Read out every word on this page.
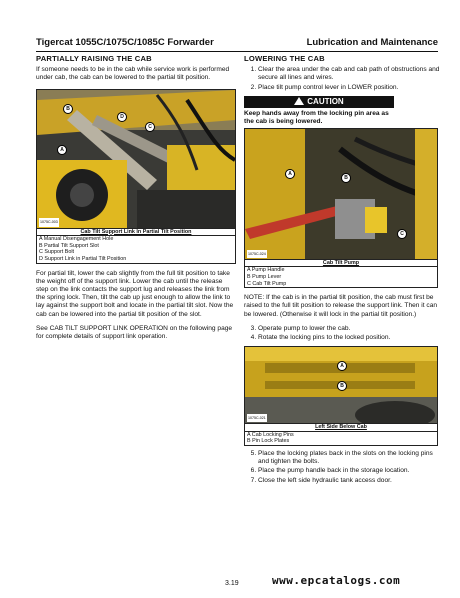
Tigercat 1055C/1075C/1085C Forwarder	Lubrication and Maintenance
PARTIALLY RAISING THE CAB

If someone needs to be in the cab while service work is performed under cab, the cab can be lowered to the partial tilt position.

A
B
C
D
1075C-003
Cab Tilt Support Link In Partial Tilt Position
A Manual Disengagement Hole
B Partial Tilt Support Slot
C Support Bolt
D Support Link in Partial Tilt Position

For partial tilt, lower the cab slightly from the full tilt position to take the weight off of the support link. Lower the cab until the release step on the link contacts the support lug and releases the link from the spring lock. Then, tilt the cab up just enough to allow the link to lay against the support bolt and locate in the partial tilt slot. Now the cab can be lowered into the partial tilt position of the slot.

See CAB TILT SUPPORT LINK OPERATION on the following page for complete details of support link operation.

LOWERING THE CAB
1. Clear the area under the cab and cab path of obstructions and secure all lines and wires.
2. Place tilt pump control lever in LOWER position.
CAUTION
Keep hands away from the locking pin area as the cab is being lowered.
A
B
C
1075C-024
Cab Tilt Pump
A Pump Handle
B Pump Lever
C Cab Tilt Pump

NOTE: If the cab is in the partial tilt position, the cab must first be raised to the full tilt position to release the support link. Then it can be lowered. (Otherwise it will lock in the partial tilt position.)

3. Operate pump to lower the cab.
4. Rotate the locking pins to the locked position.
A
B
1075C-021
Left Side Below Cab
A Cab Locking Pins
B Pin Lock Plates
5. Place the locking plates back in the slots on the locking pins and tighten the bolts.
6. Place the pump handle back in the storage location.
7. Close the left side hydraulic tank access door.
3.19	www.epcatalogs.com
